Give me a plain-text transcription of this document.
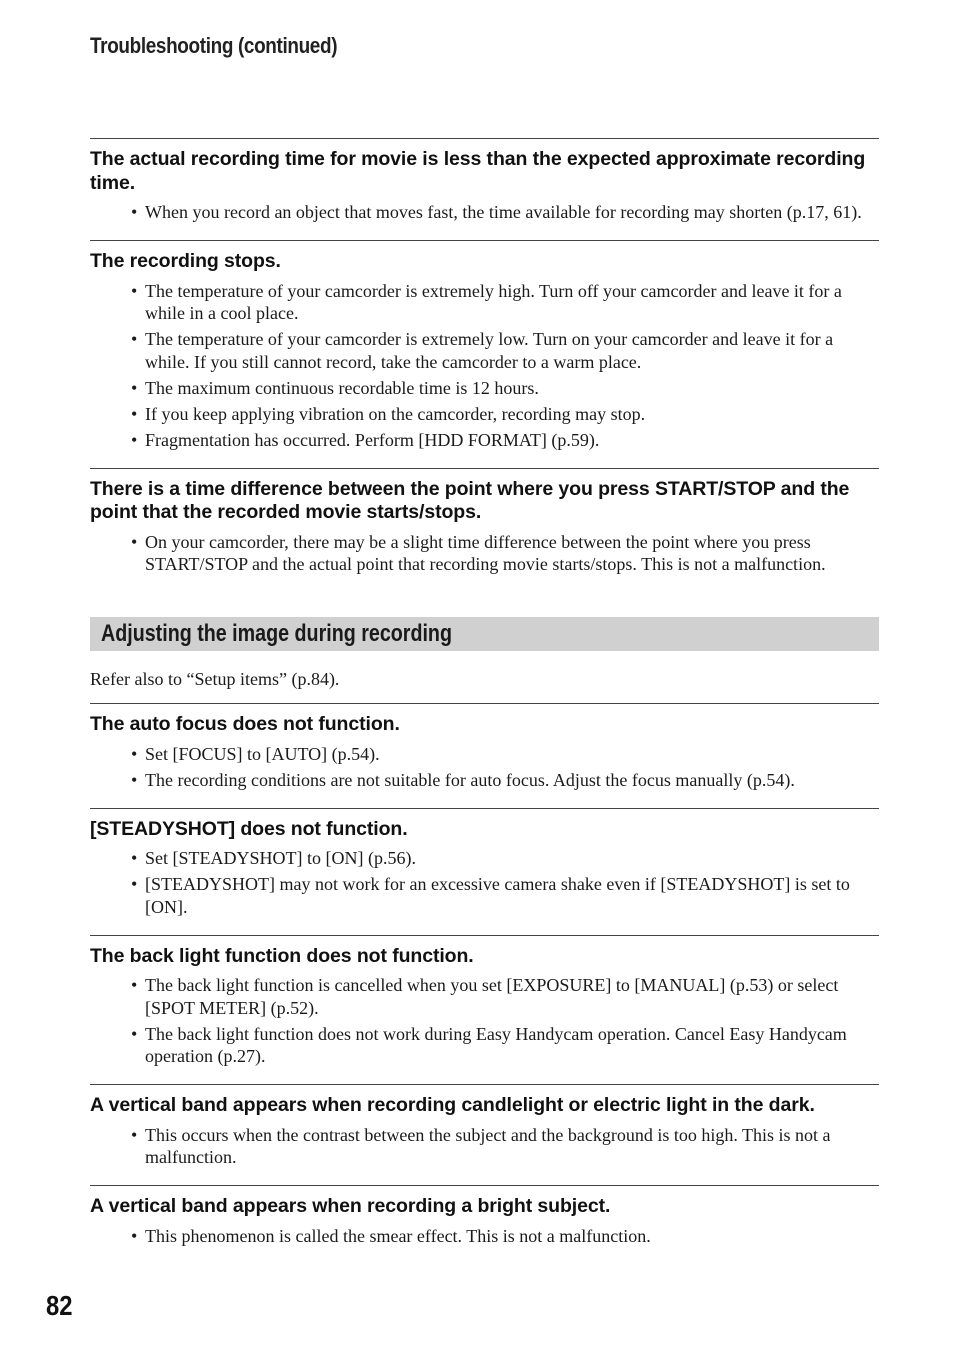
Troubleshooting (continued)
The actual recording time for movie is less than the expected approximate recording time.
• When you record an object that moves fast, the time available for recording may shorten (p.17, 61).
The recording stops.
• The temperature of your camcorder is extremely high. Turn off your camcorder and leave it for a while in a cool place.
• The temperature of your camcorder is extremely low. Turn on your camcorder and leave it for a while. If you still cannot record, take the camcorder to a warm place.
• The maximum continuous recordable time is 12 hours.
• If you keep applying vibration on the camcorder, recording may stop.
• Fragmentation has occurred. Perform [HDD FORMAT] (p.59).
There is a time difference between the point where you press START/STOP and the point that the recorded movie starts/stops.
• On your camcorder, there may be a slight time difference between the point where you press START/STOP and the actual point that recording movie starts/stops. This is not a malfunction.
Adjusting the image during recording
Refer also to “Setup items” (p.84).
The auto focus does not function.
• Set [FOCUS] to [AUTO] (p.54).
• The recording conditions are not suitable for auto focus. Adjust the focus manually (p.54).
[STEADYSHOT] does not function.
• Set [STEADYSHOT] to [ON] (p.56).
• [STEADYSHOT] may not work for an excessive camera shake even if [STEADYSHOT] is set to [ON].
The back light function does not function.
• The back light function is cancelled when you set [EXPOSURE] to [MANUAL] (p.53) or select [SPOT METER] (p.52).
• The back light function does not work during Easy Handycam operation. Cancel Easy Handycam operation (p.27).
A vertical band appears when recording candlelight or electric light in the dark.
• This occurs when the contrast between the subject and the background is too high. This is not a malfunction.
A vertical band appears when recording a bright subject.
• This phenomenon is called the smear effect. This is not a malfunction.
82
